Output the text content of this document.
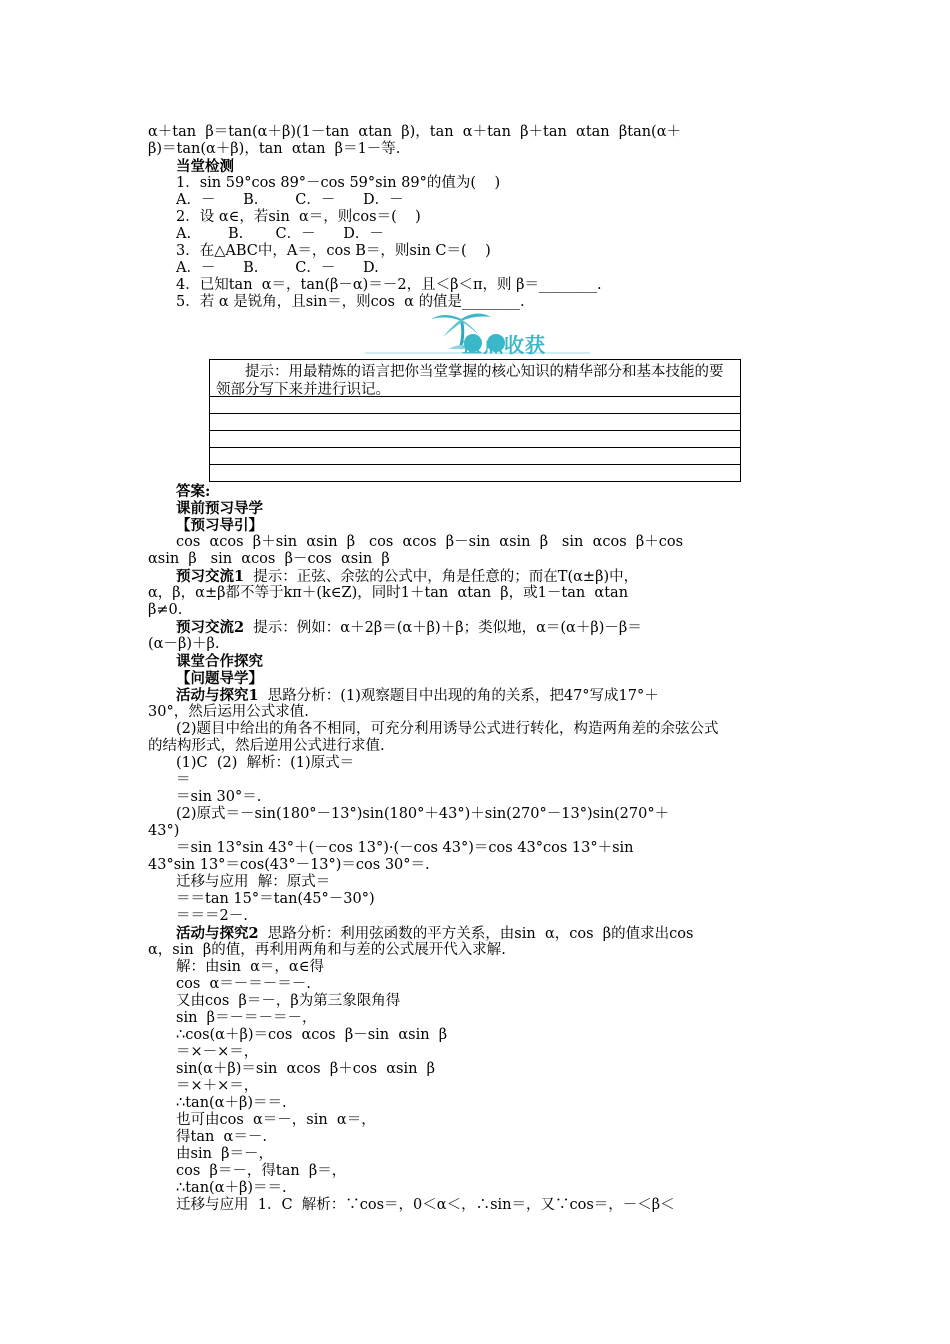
α＋tan  β＝tan(α＋β)(1－tan  αtan  β)，tan  α＋tan  β＋tan  αtan  βtan(α＋
β)＝tan(α＋β)，tan  αtan  β＝1－等.
当堂检测
1．sin 59°cos 89°－cos 59°sin 89°的值为(    )
A．－      B.        C．－      D．－
2．设 α∈，若sin  α＝，则cos＝(    )
A.        B.       C．－      D．－
3．在△ABC中，A＝，cos B＝，则sin C＝(    )
A．－      B.        C．－      D.
4．已知tan  α＝，tan(β－α)＝－2，且＜β＜π，则 β＝________.
5．若 α 是锐角，且sin＝，则cos  α 的值是________.
盘点收获
　　提示：用最精炼的语言把你当堂掌握的核心知识的精华部分和基本技能的要领部分写下来并进行识记。
答案:
课前预习导学
【预习导引】
cos  αcos  β＋sin  αsin  β   cos  αcos  β－sin  αsin  β   sin  αcos  β＋cos
αsin  β   sin  αcos  β－cos  αsin  β
预习交流1  提示：正弦、余弦的公式中，角是任意的；而在T(α±β)中，
α，β，α±β都不等于kπ＋(k∈Z)，同时1＋tan  αtan  β，或1－tan  αtan
β≠0.
预习交流2  提示：例如：α＋2β＝(α＋β)＋β；类似地，α＝(α＋β)－β＝
(α－β)＋β.
课堂合作探究
【问题导学】
活动与探究1  思路分析：(1)观察题目中出现的角的关系，把47°写成17°＋
30°，然后运用公式求值.
(2)题目中给出的角各不相同，可充分利用诱导公式进行转化，构造两角差的余弦公式
的结构形式，然后逆用公式进行求值.
(1)C  (2)  解析：(1)原式＝
＝
＝sin 30°＝.
(2)原式＝－sin(180°－13°)sin(180°＋43°)＋sin(270°－13°)sin(270°＋
43°)
＝sin 13°sin 43°＋(－cos 13°)·(－cos 43°)＝cos 43°cos 13°＋sin
43°sin 13°＝cos(43°－13°)＝cos 30°＝.
迁移与应用  解：原式＝
＝＝tan 15°＝tan(45°－30°)
＝＝＝2－.
活动与探究2  思路分析：利用弦函数的平方关系，由sin  α，cos  β的值求出cos
α，sin  β的值，再利用两角和与差的公式展开代入求解.
解：由sin  α＝，α∈得
cos  α＝－＝－＝－.
又由cos  β＝－，β为第三象限角得
sin  β＝－＝－＝－，
∴cos(α＋β)＝cos  αcos  β－sin  αsin  β
＝×－×＝，
sin(α＋β)＝sin  αcos  β＋cos  αsin  β
＝×＋×＝，
∴tan(α＋β)＝＝.
也可由cos  α＝－，sin  α＝，
得tan  α＝－.
由sin  β＝－，
cos  β＝－，得tan  β＝，
∴tan(α＋β)＝＝.
迁移与应用  1．C  解析：∵cos＝，0＜α＜，∴sin＝，又∵cos＝，－＜β＜
